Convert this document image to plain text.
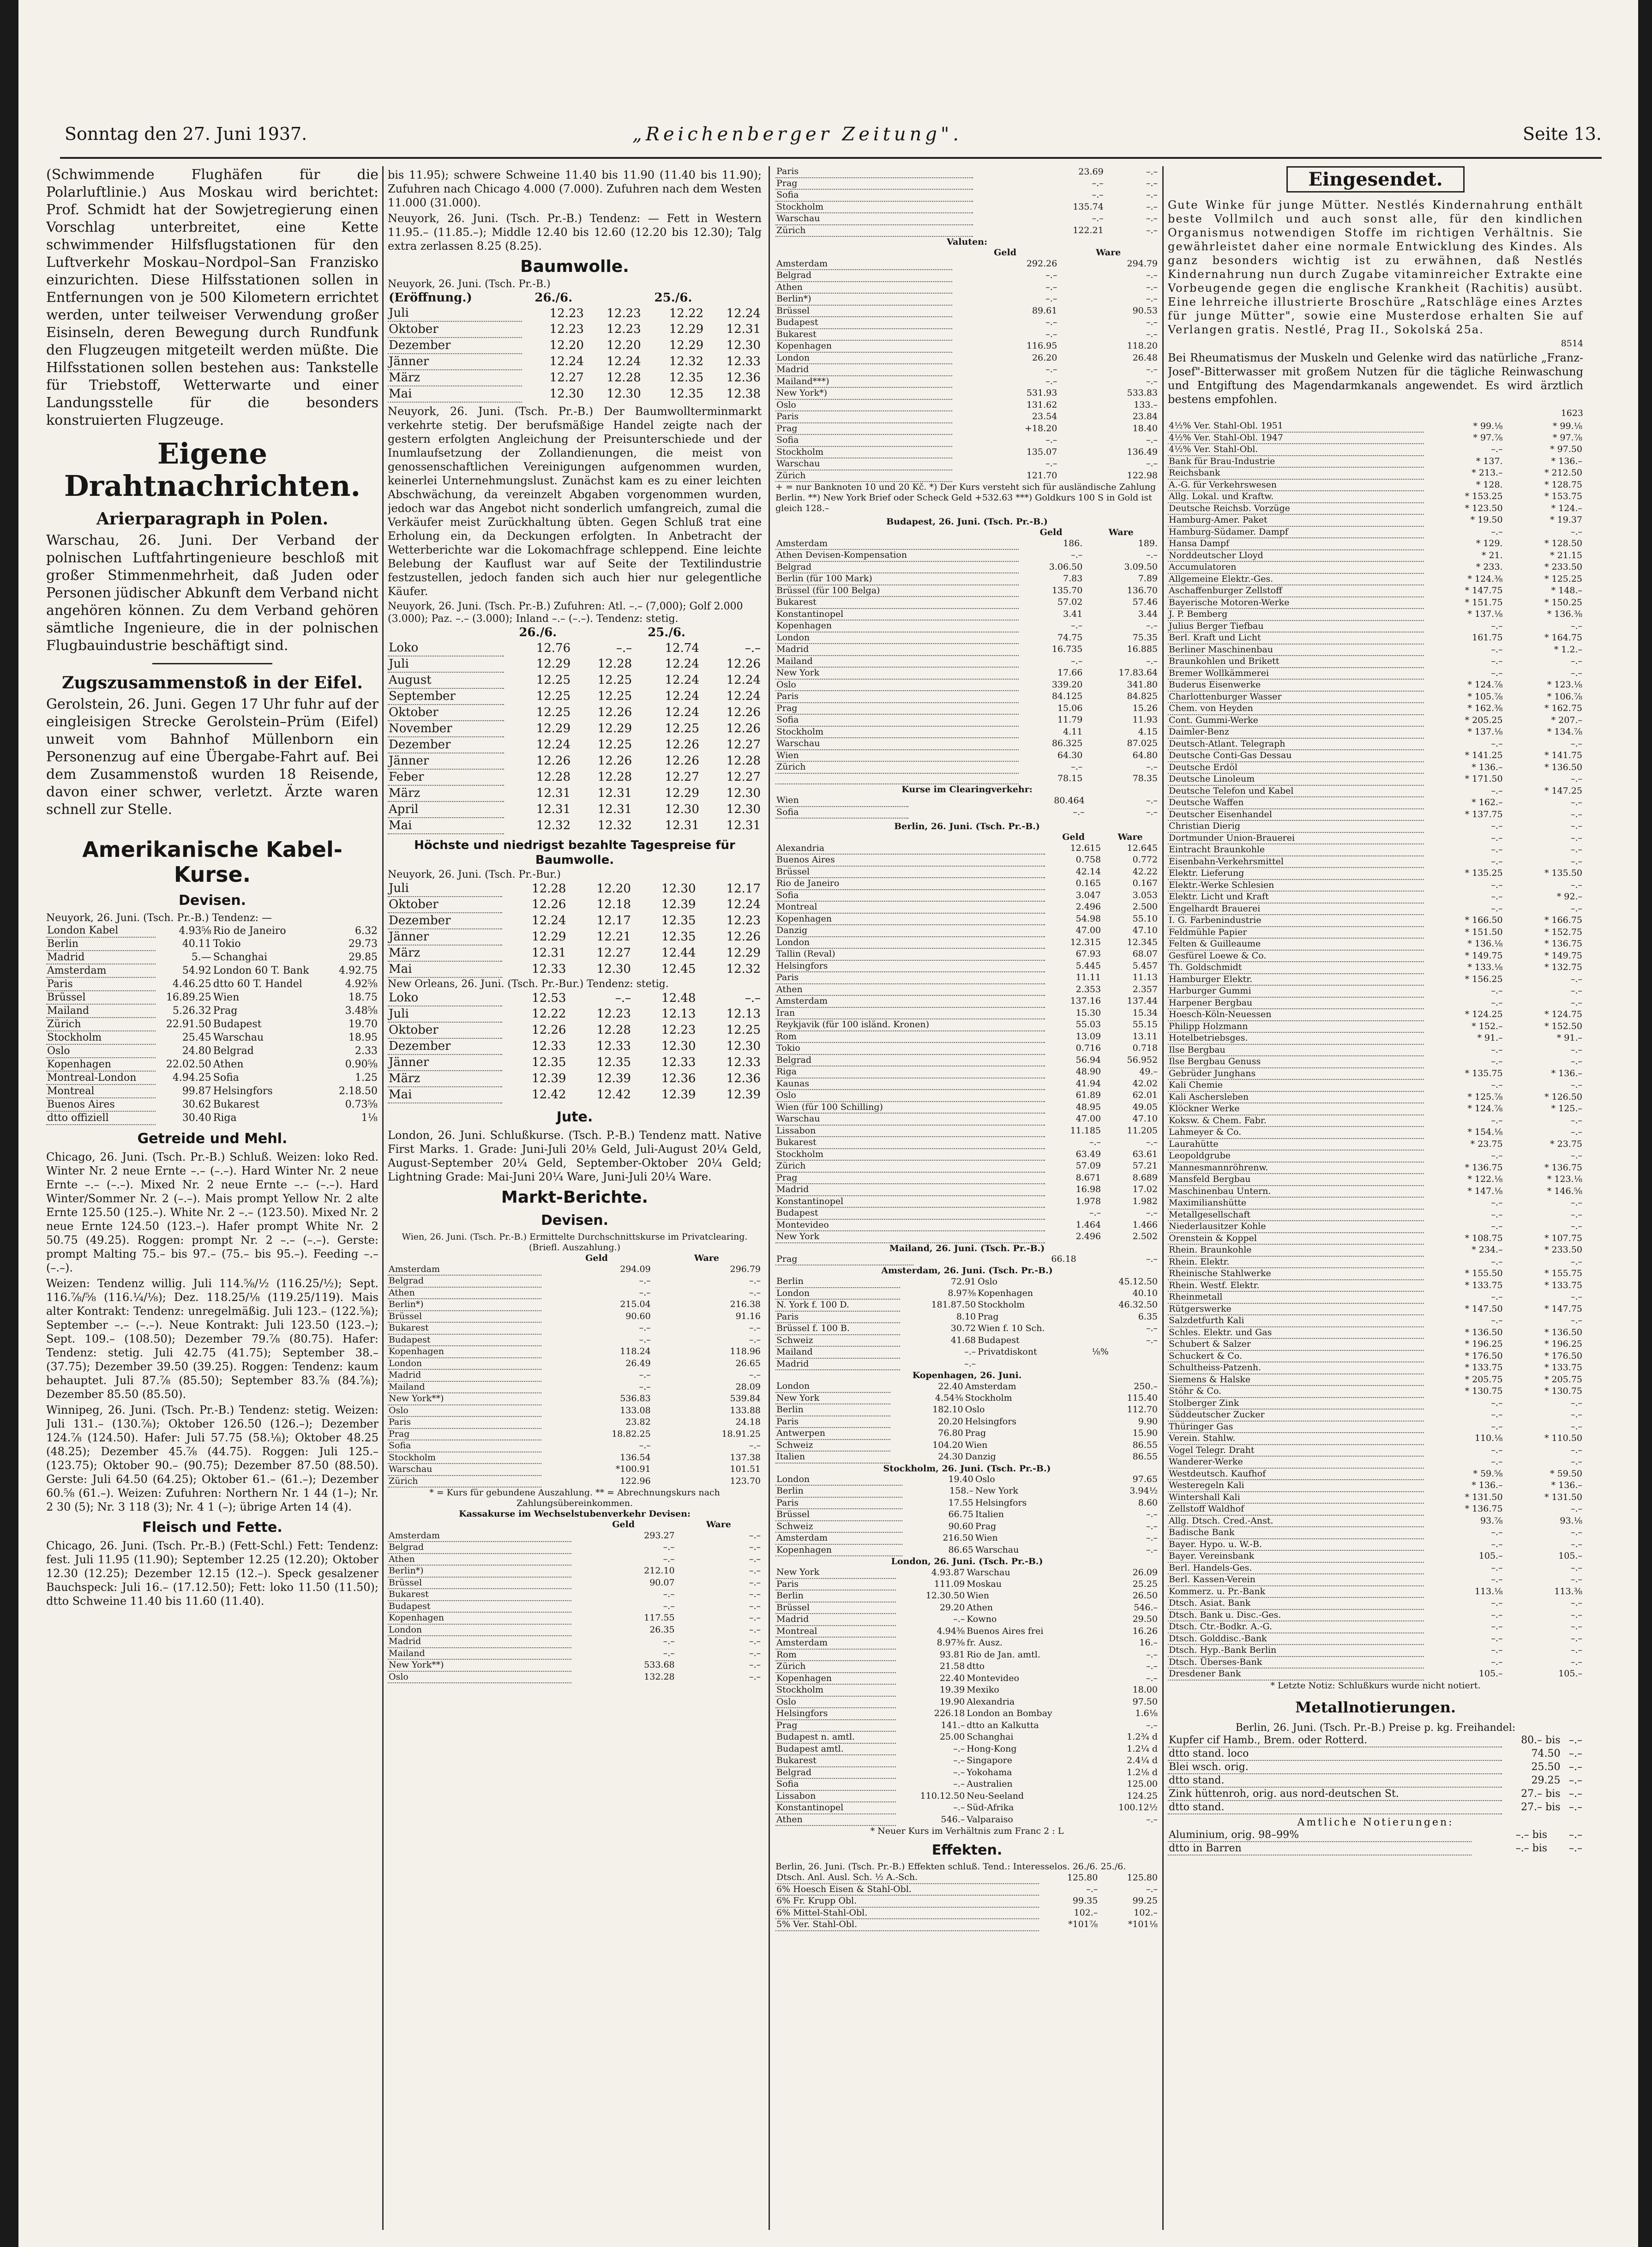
Sonntag den 27. Juni 1937.	„Reichenberger Zeitung".	Seite 13.

(Schwimmende Flughäfen für die Polarluftlinie.) Aus Moskau wird berichtet: Prof. Schmidt hat der Sowjetregierung einen Vorschlag unterbreitet, eine Kette schwimmender Hilfsflugstationen für den Luftverkehr Moskau–Nordpol–San Franzisko einzurichten. Diese Hilfsstationen sollen in Entfernungen von je 500 Kilometern errichtet werden, unter teilweiser Verwendung großer Eisinseln, deren Bewegung durch Rundfunk den Flugzeugen mitgeteilt werden müßte. Die Hilfsstationen sollen bestehen aus: Tankstelle für Triebstoff, Wetterwarte und einer Landungsstelle für die besonders konstruierten Flugzeuge.

Eigene Drahtnachrichten.
Arierparagraph in Polen.

Warschau, 26. Juni. Der Verband der polnischen Luftfahrtingenieure beschloß mit großer Stimmenmehrheit, daß Juden oder Personen jüdischer Abkunft dem Verband nicht angehören können. Zu dem Verband gehören sämtliche Ingenieure, die in der polnischen Flugbauindustrie beschäftigt sind.

Zugszusammenstoß in der Eifel.

Gerolstein, 26. Juni. Gegen 17 Uhr fuhr auf der eingleisigen Strecke Gerolstein–Prüm (Eifel) unweit vom Bahnhof Müllenborn ein Personenzug auf eine Übergabe-Fahrt auf. Bei dem Zusammenstoß wurden 18 Reisende, davon einer schwer, verletzt. Ärzte waren schnell zur Stelle.

Amerikanische Kabel-Kurse.
Devisen.
Neuyork, 26. Juni. (Tsch. Pr.-B.) Tendenz: —
London Kabel	4.93⅝	Rio de Janeiro	6.32
Berlin	40.11	Tokio	29.73
Madrid	5.—	Schanghai	29.85
Amsterdam	54.92	London 60 T. Bank	4.92.75
Paris	4.46.25	dtto 60 T. Handel	4.92⅝
Brüssel	16.89.25	Wien	18.75
Mailand	5.26.32	Prag	3.48⅝
Zürich	22.91.50	Budapest	19.70
Stockholm	25.45	Warschau	18.95
Oslo	24.80	Belgrad	2.33
Kopenhagen	22.02.50	Athen	0.90⅝
Montreal-London	4.94.25	Sofia	1.25
Montreal	99.87	Helsingfors	2.18.50
Buenos Aires	30.62	Bukarest	0.73⅝
dtto offiziell	30.40	Riga	1⅛
Getreide und Mehl.

Chicago, 26. Juni. (Tsch. Pr.-B.) Schluß. Weizen: loko Red. Winter Nr. 2 neue Ernte –.– (–.–). Hard Winter Nr. 2 neue Ernte –.– (–.–). Mixed Nr. 2 neue Ernte –.– (–.–). Hard Winter/Sommer Nr. 2 (–.–). Mais prompt Yellow Nr. 2 alte Ernte 125.50 (125.–). White Nr. 2 –.– (123.50). Mixed Nr. 2 neue Ernte 124.50 (123.–). Hafer prompt White Nr. 2 50.75 (49.25). Roggen: prompt Nr. 2 –.– (–.–). Gerste: prompt Malting 75.– bis 97.– (75.– bis 95.–). Feeding –.– (–.–).

Weizen: Tendenz willig. Juli 114.⅝/½ (116.25/½); Sept. 116.⅞/⅝ (116.¼/⅛); Dez. 118.25/⅛ (119.25/119). Mais alter Kontrakt: Tendenz: unregelmäßig. Juli 123.– (122.⅝); September –.– (–.–). Neue Kontrakt: Juli 123.50 (123.–); Sept. 109.– (108.50); Dezember 79.⅞ (80.75). Hafer: Tendenz: stetig. Juli 42.75 (41.75); September 38.– (37.75); Dezember 39.50 (39.25). Roggen: Tendenz: kaum behauptet. Juli 87.⅞ (85.50); September 83.⅞ (84.⅞); Dezember 85.50 (85.50).

Winnipeg, 26. Juni. (Tsch. Pr.-B.) Tendenz: stetig. Weizen: Juli 131.– (130.⅞); Oktober 126.50 (126.–); Dezember 124.⅞ (124.50). Hafer: Juli 57.75 (58.⅛); Oktober 48.25 (48.25); Dezember 45.⅞ (44.75). Roggen: Juli 125.– (123.75); Oktober 90.– (90.75); Dezember 87.50 (88.50). Gerste: Juli 64.50 (64.25); Oktober 61.– (61.–); Dezember 60.⅝ (61.–). Weizen: Zufuhren: Northern Nr. 1 44 (1–); Nr. 2 30 (5); Nr. 3 118 (3); Nr. 4 1 (–); übrige Arten 14 (4).

Fleisch und Fette.

Chicago, 26. Juni. (Tsch. Pr.-B.) (Fett-Schl.) Fett: Tendenz: fest. Juli 11.95 (11.90); September 12.25 (12.20); Oktober 12.30 (12.25); Dezember 12.15 (12.–). Speck gesalzener Bauchspeck: Juli 16.– (17.12.50); Fett: loko 11.50 (11.50); dtto Schweine 11.40 bis 11.60 (11.40).

bis 11.95); schwere Schweine 11.40 bis 11.90 (11.40 bis 11.90); Zufuhren nach Chicago 4.000 (7.000). Zufuhren nach dem Westen 11.000 (31.000).

Neuyork, 26. Juni. (Tsch. Pr.-B.) Tendenz: — Fett in Western 11.95.– (11.85.–); Middle 12.40 bis 12.60 (12.20 bis 12.30); Talg extra zerlassen 8.25 (8.25).

Baumwolle.
Neuyork, 26. Juni. (Tsch. Pr.-B.)
(Eröffnung.)	26./6.		25./6.	
Juli	12.23	12.23	12.22	12.24
Oktober	12.23	12.23	12.29	12.31
Dezember	12.20	12.20	12.29	12.30
Jänner	12.24	12.24	12.32	12.33
März	12.27	12.28	12.35	12.36
Mai	12.30	12.30	12.35	12.38

Neuyork, 26. Juni. (Tsch. Pr.-B.) Der Baumwollterminmarkt verkehrte stetig. Der berufsmäßige Handel zeigte nach der gestern erfolgten Angleichung der Preisunterschiede und der Inumlaufsetzung der Zollandienungen, die meist von genossenschaftlichen Vereinigungen aufgenommen wurden, keinerlei Unternehmungslust. Zunächst kam es zu einer leichten Abschwächung, da vereinzelt Abgaben vorgenommen wurden, jedoch war das Angebot nicht sonderlich umfangreich, zumal die Verkäufer meist Zurückhaltung übten. Gegen Schluß trat eine Erholung ein, da Deckungen erfolgten. In Anbetracht der Wetterberichte war die Lokomachfrage schleppend. Eine leichte Belebung der Kauflust war auf Seite der Textilindustrie festzustellen, jedoch fanden sich auch hier nur gelegentliche Käufer.

Neuyork, 26. Juni. (Tsch. Pr.-B.) Zufuhren: Atl. –.– (7,000); Golf 2.000 (3.000); Paz. –.– (3.000); Inland –.– (–.–). Tendenz: stetig.
	26./6.		25./6.	
Loko	12.76	–.–	12.74	–.–
Juli	12.29	12.28	12.24	12.26
August	12.25	12.25	12.24	12.24
September	12.25	12.25	12.24	12.24
Oktober	12.25	12.26	12.24	12.26
November	12.29	12.29	12.25	12.26
Dezember	12.24	12.25	12.26	12.27
Jänner	12.26	12.26	12.26	12.28
Feber	12.28	12.28	12.27	12.27
März	12.31	12.31	12.29	12.30
April	12.31	12.31	12.30	12.30
Mai	12.32	12.32	12.31	12.31
Höchste und niedrigst bezahlte Tagespreise für Baumwolle.
Neuyork, 26. Juni. (Tsch. Pr.-Bur.)
Juli	12.28	12.20	12.30	12.17
Oktober	12.26	12.18	12.39	12.24
Dezember	12.24	12.17	12.35	12.23
Jänner	12.29	12.21	12.35	12.26
März	12.31	12.27	12.44	12.29
Mai	12.33	12.30	12.45	12.32
New Orleans, 26. Juni. (Tsch. Pr.-Bur.) Tendenz: stetig.
Loko	12.53	–.–	12.48	–.–
Juli	12.22	12.23	12.13	12.13
Oktober	12.26	12.28	12.23	12.25
Dezember	12.33	12.33	12.30	12.30
Jänner	12.35	12.35	12.33	12.33
März	12.39	12.39	12.36	12.36
Mai	12.42	12.42	12.39	12.39
Jute.

London, 26. Juni. Schlußkurse. (Tsch. P.-B.) Tendenz matt. Native First Marks. 1. Grade: Juni-Juli 20⅛ Geld, Juli-August 20¼ Geld, August-September 20¼ Geld, September-Oktober 20¼ Geld; Lightning Grade: Mai-Juni 20¼ Ware, Juni-Juli 20¼ Ware.

Markt-Berichte.
Devisen.
Wien, 26. Juni. (Tsch. Pr.-B.) Ermittelte Durchschnittskurse im Privatclearing. (Briefl. Auszahlung.)
	Geld	Ware
Amsterdam	294.09	296.79
Belgrad	–.–	–.–
Athen	–.–	–.–
Berlin*)	215.04	216.38
Brüssel	90.60	91.16
Bukarest	–.–	–.–
Budapest	–.–	–.–
Kopenhagen	118.24	118.96
London	26.49	26.65
Madrid	–.–	–.–
Mailand	–.–	28.09
New York**)	536.83	539.84
Oslo	133.08	133.88
Paris	23.82	24.18
Prag	18.82.25	18.91.25
Sofia	–.–	–.–
Stockholm	136.54	137.38
Warschau	*100.91	101.51
Zürich	122.96	123.70
* = Kurs für gebundene Auszahlung. ** = Abrechnungskurs nach Zahlungsübereinkommen.
Kassakurse im Wechselstubenverkehr Devisen:
	Geld	Ware
Amsterdam	293.27	–.–
Belgrad	–.–	–.–
Athen	–.–	–.–
Berlin*)	212.10	–.–
Brüssel	90.07	–.–
Bukarest	–.–	–.–
Budapest	–.–	–.–
Kopenhagen	117.55	–.–
London	26.35	–.–
Madrid	–.–	–.–
Mailand	–.–	–.–
New York**)	533.68	–.–
Oslo	132.28	–.–
Paris	23.69	–.–
Prag	–.–	–.–
Sofia	–.–	–.–
Stockholm	135.74	–.–
Warschau	–.–	–.–
Zürich	122.21	–.–
Valuten:
	Geld	Ware
Amsterdam	292.26	294.79
Belgrad	–.–	–.–
Athen	–.–	–.–
Berlin*)	–.–	–.–
Brüssel	89.61	90.53
Budapest	–.–	–.–
Bukarest	–.–	–.–
Kopenhagen	116.95	118.20
London	26.20	26.48
Madrid	–.–	–.–
Mailand***)	–.–	–.–
New York*)	531.93	533.83
Oslo	131.62	133.–
Paris	23.54	23.84
Prag	+18.20	18.40
Sofia	–.–	–.–
Stockholm	135.07	136.49
Warschau	–.–	–.–
Zürich	121.70	122.98
+ = nur Banknoten 10 und 20 Kč. *) Der Kurs versteht sich für ausländische Zahlung Berlin. **) New York Brief oder Scheck Geld +532.63 ***) Goldkurs 100 S in Gold ist gleich 128.–
Budapest, 26. Juni. (Tsch. Pr.-B.)
	Geld	Ware
Amsterdam	186.	189.
Athen Devisen-Kompensation	–.–	–.–
Belgrad	3.06.50	3.09.50
Berlin (für 100 Mark)	7.83	7.89
Brüssel (für 100 Belga)	135.70	136.70
Bukarest	57.02	57.46
Konstantinopel	3.41	3.44
Kopenhagen	–.–	–.–
London	74.75	75.35
Madrid	16.735	16.885
Mailand	–.–	–.–
New York	17.66	17.83.64
Oslo	339.20	341.80
Paris	84.125	84.825
Prag	15.06	15.26
Sofia	11.79	11.93
Stockholm	4.11	4.15
Warschau	86.325	87.025
Wien	64.30	64.80
Zürich	–.–	–.–
	78.15	78.35
Kurse im Clearingverkehr:
Wien	80.464	–.–
Sofia	–.–	–.–
Berlin, 26. Juni. (Tsch. Pr.-B.)
	Geld	Ware
Alexandria	12.615	12.645
Buenos Aires	0.758	0.772
Brüssel	42.14	42.22
Rio de Janeiro	0.165	0.167
Sofia	3.047	3.053
Montreal	2.496	2.500
Kopenhagen	54.98	55.10
Danzig	47.00	47.10
London	12.315	12.345
Tallin (Reval)	67.93	68.07
Helsingfors	5.445	5.457
Paris	11.11	11.13
Athen	2.353	2.357
Amsterdam	137.16	137.44
Iran	15.30	15.34
Reykjavik (für 100 isländ. Kronen)	55.03	55.15
Rom	13.09	13.11
Tokio	0.716	0.718
Belgrad	56.94	56.952
Riga	48.90	49.–
Kaunas	41.94	42.02
Oslo	61.89	62.01
Wien (für 100 Schilling)	48.95	49.05
Warschau	47.00	47.10
Lissabon	11.185	11.205
Bukarest	–.–	–.–
Stockholm	63.49	63.61
Zürich	57.09	57.21
Prag	8.671	8.689
Madrid	16.98	17.02
Konstantinopel	1.978	1.982
Budapest	–.–	–.–
Montevideo	1.464	1.466
New York	2.496	2.502
Mailand, 26. Juni. (Tsch. Pr.-B.)
Prag	66.18	–.–
Amsterdam, 26. Juni. (Tsch. Pr.-B.)
Berlin	72.91	Oslo	45.12.50
London	8.97⅜	Kopenhagen	40.10
N. York f. 100 D.	181.87.50	Stockholm	46.32.50
Paris	8.10	Prag	6.35
Brüssel f. 100 B.	30.72	Wien f. 10 Sch.	–.–
Schweiz	41.68	Budapest	–.–
Mailand	–.–	Privatdiskont	⅛%
Madrid	–.–		
Kopenhagen, 26. Juni.
London	22.40	Amsterdam	250.–
New York	4.54⅜	Stockholm	115.40
Berlin	182.10	Oslo	112.70
Paris	20.20	Helsingfors	9.90
Antwerpen	76.80	Prag	15.90
Schweiz	104.20	Wien	86.55
Italien	24.30	Danzig	86.55
Stockholm, 26. Juni. (Tsch. Pr.-B.)
London	19.40	Oslo	97.65
Berlin	158.–	New York	3.94½
Paris	17.55	Helsingfors	8.60
Brüssel	66.75	Italien	–.–
Schweiz	90.60	Prag	–.–
Amsterdam	216.50	Wien	–.–
Kopenhagen	86.65	Warschau	–.–
London, 26. Juni. (Tsch. Pr.-B.)
New York	4.93.87	Warschau	26.09
Paris	111.09	Moskau	25.25
Berlin	12.30.50	Wien	26.50
Brüssel	29.20	Athen	546.–
Madrid	–.–	Kowno	29.50
Montreal	4.94⅜	Buenos Aires frei	16.26
Amsterdam	8.97⅜	fr. Ausz.	16.–
Rom	93.81	Rio de Jan. amtl.	–.–
Zürich	21.58	dtto	–.–
Kopenhagen	22.40	Montevideo	–.–
Stockholm	19.39	Mexiko	18.00
Oslo	19.90	Alexandria	97.50
Helsingfors	226.18	London an Bombay	1.6⅛
Prag	141.–	dtto an Kalkutta	–.–
Budapest n. amtl.	25.00	Schanghai	1.2¾ d
Budapest amtl.	–.–	Hong-Kong	1.2¼ d
Bukarest	–.–	Singapore	2.4¼ d
Belgrad	–.–	Yokohama	1.2⅛ d
Sofia	–.–	Australien	125.00
Lissabon	110.12.50	Neu-Seeland	124.25
Konstantinopel	–.–	Süd-Afrika	100.12½
Athen	546.–	Valparaiso	–.–
* Neuer Kurs im Verhältnis zum Franc 2 : L
Effekten.
Berlin, 26. Juni. (Tsch. Pr.-B.) Effekten schluß. Tend.: Interesselos. 26./6. 25./6.
Dtsch. Anl. Ausl. Sch. ½ A.-Sch.	125.80	125.80
6% Hoesch Eisen & Stahl-Obl.	–.–	–.–
6% Fr. Krupp Obl.	99.35	99.25
6% Mittel-Stahl-Obl.	102.–	102.–
5% Ver. Stahl-Obl.	*101⅞	*101⅛
Eingesendet.

Gute Winke für junge Mütter. Nestlés Kindernahrung enthält beste Vollmilch und auch sonst alle, für den kindlichen Organismus notwendigen Stoffe im richtigen Verhältnis. Sie gewährleistet daher eine normale Entwicklung des Kindes. Als ganz besonders wichtig ist zu erwähnen, daß Nestlés Kindernahrung nun durch Zugabe vitaminreicher Extrakte eine Vorbeugende gegen die englische Krankheit (Rachitis) ausübt. Eine lehrreiche illustrierte Broschüre „Ratschläge eines Arztes für junge Mütter", sowie eine Musterdose erhalten Sie auf Verlangen gratis. Nestlé, Prag II., Sokolská 25a.

8514

Bei Rheumatismus der Muskeln und Gelenke wird das natürliche „Franz-Josef"-Bitterwasser mit großem Nutzen für die tägliche Reinwaschung und Entgiftung des Magendarmkanals angewendet. Es wird ärztlich bestens empfohlen.

1623
4½% Ver. Stahl-Obl. 1951	* 99.⅛	* 99.⅛
4½% Ver. Stahl-Obl. 1947	* 97.⅞	* 97.⅞
4½% Ver. Stahl-Obl.	–.–	* 97.50
Bank für Brau-Industrie	* 137.	* 136.–
Reichsbank	* 213.–	* 212.50
A.-G. für Verkehrswesen	* 128.	* 128.75
Allg. Lokal. und Kraftw.	* 153.25	* 153.75
Deutsche Reichsb. Vorzüge	* 123.50	* 124.–
Hamburg-Amer. Paket	* 19.50	* 19.37
Hamburg-Südamer. Dampf	–.–	–.–
Hansa Dampf	* 129.	* 128.50
Norddeutscher Lloyd	* 21.	* 21.15
Accumulatoren	* 233.	* 233.50
Allgemeine Elektr.-Ges.	* 124.⅜	* 125.25
Aschaffenburger Zellstoff	* 147.75	* 148.–
Bayerische Motoren-Werke	* 151.75	* 150.25
J. P. Bemberg	* 137.⅛	* 136.⅜
Julius Berger Tiefbau	–.–	–.–
Berl. Kraft und Licht	161.75	* 164.75
Berliner Maschinenbau	–.–	* 1.2.–
Braunkohlen und Brikett	–.–	–.–
Bremer Wollkämmerei	–.–	–.–
Buderus Eisenwerke	* 124.⅞	* 123.⅛
Charlottenburger Wasser	* 105.⅞	* 106.⅞
Chem. von Heyden	* 162.⅜	* 162.75
Cont. Gummi-Werke	* 205.25	* 207.–
Daimler-Benz	* 137.⅛	* 134.⅞
Deutsch-Atlant. Telegraph	–.–	–.–
Deutsche Conti-Gas Dessau	* 141.25	* 141.75
Deutsche Erdöl	* 136.–	* 136.50
Deutsche Linoleum	* 171.50	–.–
Deutsche Telefon und Kabel	–.–	* 147.25
Deutsche Waffen	* 162.–	–.–
Deutscher Eisenhandel	* 137.75	–.–
Christian Dierig	–.–	–.–
Dortmunder Union-Brauerei	–.–	–.–
Eintracht Braunkohle	–.–	–.–
Eisenbahn-Verkehrsmittel	–.–	–.–
Elektr. Lieferung	* 135.25	* 135.50
Elektr.-Werke Schlesien	–.–	–.–
Elektr. Licht und Kraft	–.–	* 92.–
Engelhardt Brauerei	–.–	–.–
I. G. Farbenindustrie	* 166.50	* 166.75
Feldmühle Papier	* 151.50	* 152.75
Felten & Guilleaume	* 136.⅛	* 136.75
Gesfürel Loewe & Co.	* 149.75	* 149.75
Th. Goldschmidt	* 133.⅛	* 132.75
Hamburger Elektr.	* 156.25	–.–
Harburger Gummi	–.–	–.–
Harpener Bergbau	–.–	–.–
Hoesch-Köln-Neuessen	* 124.25	* 124.75
Philipp Holzmann	* 152.–	* 152.50
Hotelbetriebsges.	* 91.–	* 91.–
Ilse Bergbau	–.–	–.–
Ilse Bergbau Genuss	–.–	–.–
Gebrüder Junghans	* 135.75	* 136.–
Kali Chemie	–.–	–.–
Kali Aschersleben	* 125.⅞	* 126.50
Klöckner Werke	* 124.⅞	* 125.–
Koksw. & Chem. Fabr.	–.–	–.–
Lahmeyer & Co.	* 154.⅛	–.–
Laurahütte	* 23.75	* 23.75
Leopoldgrube	–.–	–.–
Mannesmannröhrenw.	* 136.75	* 136.75
Mansfeld Bergbau	* 122.⅛	* 123.⅛
Maschinenbau Untern.	* 147.⅛	* 146.⅝
Maximilianshütte	–.–	–.–
Metallgesellschaft	–.–	–.–
Niederlausitzer Kohle	–.–	–.–
Orenstein & Koppel	* 108.75	* 107.75
Rhein. Braunkohle	* 234.–	* 233.50
Rhein. Elektr.	–.–	–.–
Rheinische Stahlwerke	* 155.50	* 155.75
Rhein. Westf. Elektr.	* 133.75	* 133.75
Rheinmetall	–.–	–.–
Rütgerswerke	* 147.50	* 147.75
Salzdetfurth Kali	–.–	–.–
Schles. Elektr. und Gas	* 136.50	* 136.50
Schubert & Salzer	* 196.25	* 196.25
Schuckert & Co.	* 176.50	* 176.50
Schultheiss-Patzenh.	* 133.75	* 133.75
Siemens & Halske	* 205.75	* 205.75
Stöhr & Co.	* 130.75	* 130.75
Stolberger Zink	–.–	–.–
Süddeutscher Zucker	–.–	–.–
Thüringer Gas	–.–	–.–
Verein. Stahlw.	110.⅛	* 110.50
Vogel Telegr. Draht	–.–	–.–
Wanderer-Werke	–.–	–.–
Westdeutsch. Kaufhof	* 59.⅝	* 59.50
Westeregeln Kali	* 136.–	* 136.–
Wintershall Kali	* 131.50	* 131.50
Zellstoff Waldhof	* 136.75	–.–
Allg. Dtsch. Cred.-Anst.	93.⅞	93.⅛
Badische Bank	–.–	–.–
Bayer. Hypo. u. W.-B.	–.–	–.–
Bayer. Vereinsbank	105.–	105.–
Berl. Handels-Ges.	–.–	–.–
Berl. Kassen-Verein	–.–	–.–
Kommerz. u. Pr.-Bank	113.⅛	113.⅜
Dtsch. Asiat. Bank	–.–	–.–
Dtsch. Bank u. Disc.-Ges.	–.–	–.–
Dtsch. Ctr.-Bodkr. A.-G.	–.–	–.–
Dtsch. Golddisc.-Bank	–.–	–.–
Dtsch. Hyp.-Bank Berlin	–.–	–.–
Dtsch. Überses-Bank	–.–	–.–
Dresdener Bank	105.–	105.–
* Letzte Notiz: Schlußkurs wurde nicht notiert.
Metallnotierungen.
Berlin, 26. Juni. (Tsch. Pr.-B.) Preise p. kg. Freihandel:
Kupfer cif Hamb., Brem. oder Rotterd.	80.– bis	–.–
dtto stand. loco	74.50	–.–
Blei wsch. orig.	25.50	–.–
dtto stand.	29.25	–.–
Zink hüttenroh, orig. aus nord-deutschen St.	27.– bis	–.–
dtto stand.	27.– bis	–.–
Amtliche Notierungen:
Aluminium, orig. 98–99%	–.– bis	–.–
dtto in Barren	–.– bis	–.–
